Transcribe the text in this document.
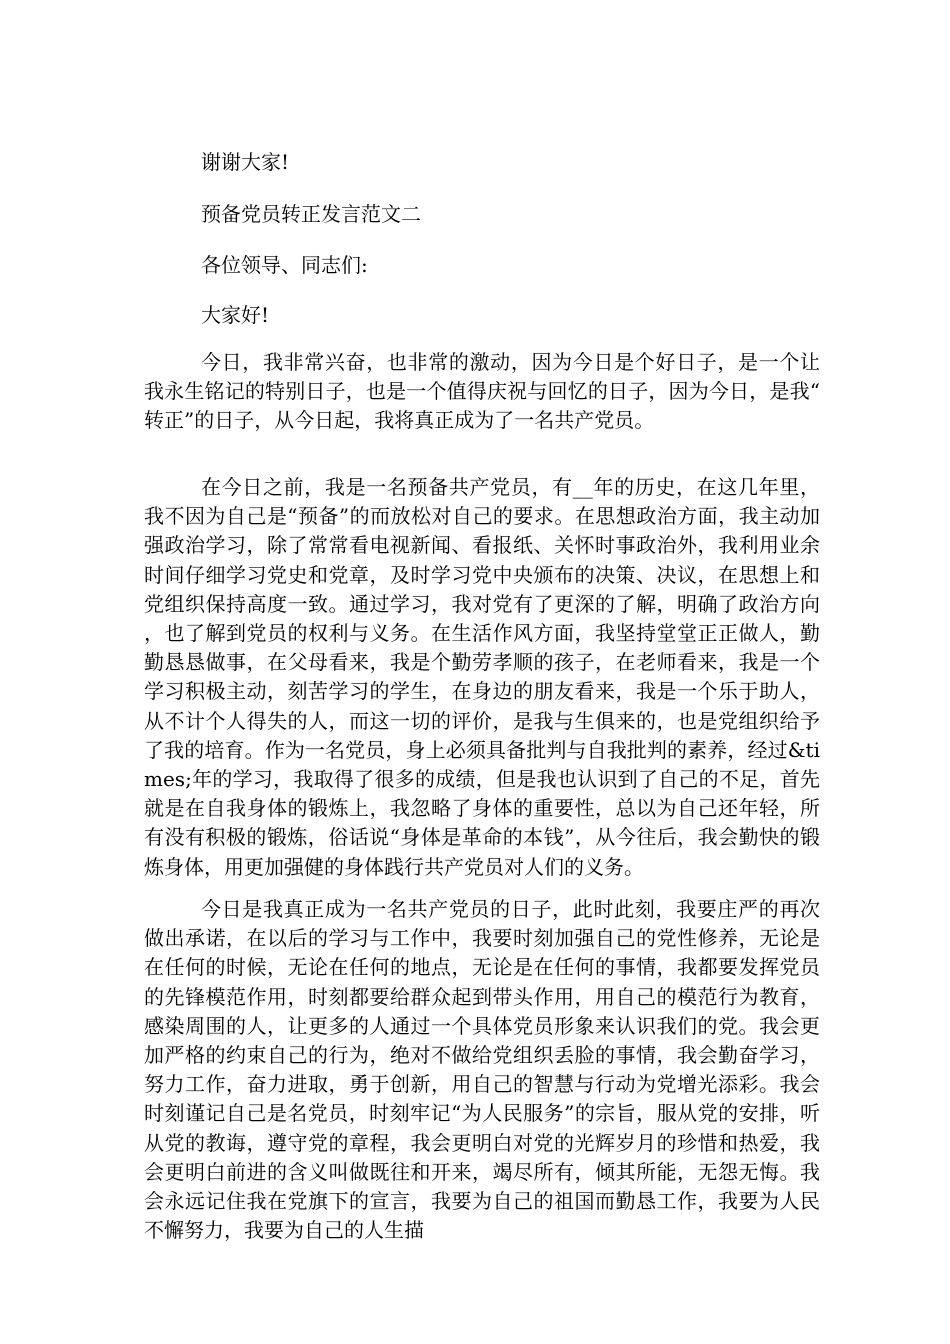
谢谢大家!

预备党员转正发言范文二

各位领导、同志们:

大家好!

今日，我非常兴奋，也非常的激动，因为今日是个好日子，是一个让我永生铭记的特别日子，也是一个值得庆祝与回忆的日子，因为今日，是我“转正”的日子，从今日起，我将真正成为了一名共产党员。

在今日之前，我是一名预备共产党员，有__年的历史，在这几年里，我不因为自己是“预备”的而放松对自己的要求。在思想政治方面，我主动加强政治学习，除了常常看电视新闻、看报纸、关怀时事政治外，我利用业余时间仔细学习党史和党章，及时学习党中央颁布的决策、决议，在思想上和党组织保持高度一致。通过学习，我对党有了更深的了解，明确了政治方向，也了解到党员的权利与义务。在生活作风方面，我坚持堂堂正正做人，勤勤恳恳做事，在父母看来，我是个勤劳孝顺的孩子，在老师看来，我是一个学习积极主动，刻苦学习的学生，在身边的朋友看来，我是一个乐于助人，从不计个人得失的人，而这一切的评价，是我与生俱来的，也是党组织给予了我的培育。作为一名党员，身上必须具备批判与自我批判的素养，经过&times;年的学习，我取得了很多的成绩，但是我也认识到了自己的不足，首先就是在自我身体的锻炼上，我忽略了身体的重要性，总以为自己还年轻，所有没有积极的锻炼，俗话说“身体是革命的本钱”，从今往后，我会勤快的锻炼身体，用更加强健的身体践行共产党员对人们的义务。

今日是我真正成为一名共产党员的日子，此时此刻，我要庄严的再次做出承诺，在以后的学习与工作中，我要时刻加强自己的党性修养，无论是在任何的时候，无论在任何的地点，无论是在任何的事情，我都要发挥党员的先锋模范作用，时刻都要给群众起到带头作用，用自己的模范行为教育，感染周围的人，让更多的人通过一个具体党员形象来认识我们的党。我会更加严格的约束自己的行为，绝对不做给党组织丢脸的事情，我会勤奋学习，努力工作，奋力进取，勇于创新，用自己的智慧与行动为党增光添彩。我会时刻谨记自己是名党员，时刻牢记“为人民服务”的宗旨，服从党的安排，听从党的教诲，遵守党的章程，我会更明白对党的光辉岁月的珍惜和热爱，我会更明白前进的含义叫做既往和开来，竭尽所有，倾其所能，无怨无悔。我会永远记住我在党旗下的宣言，我要为自己的祖国而勤恳工作，我要为人民不懈努力，我要为自己的人生描
